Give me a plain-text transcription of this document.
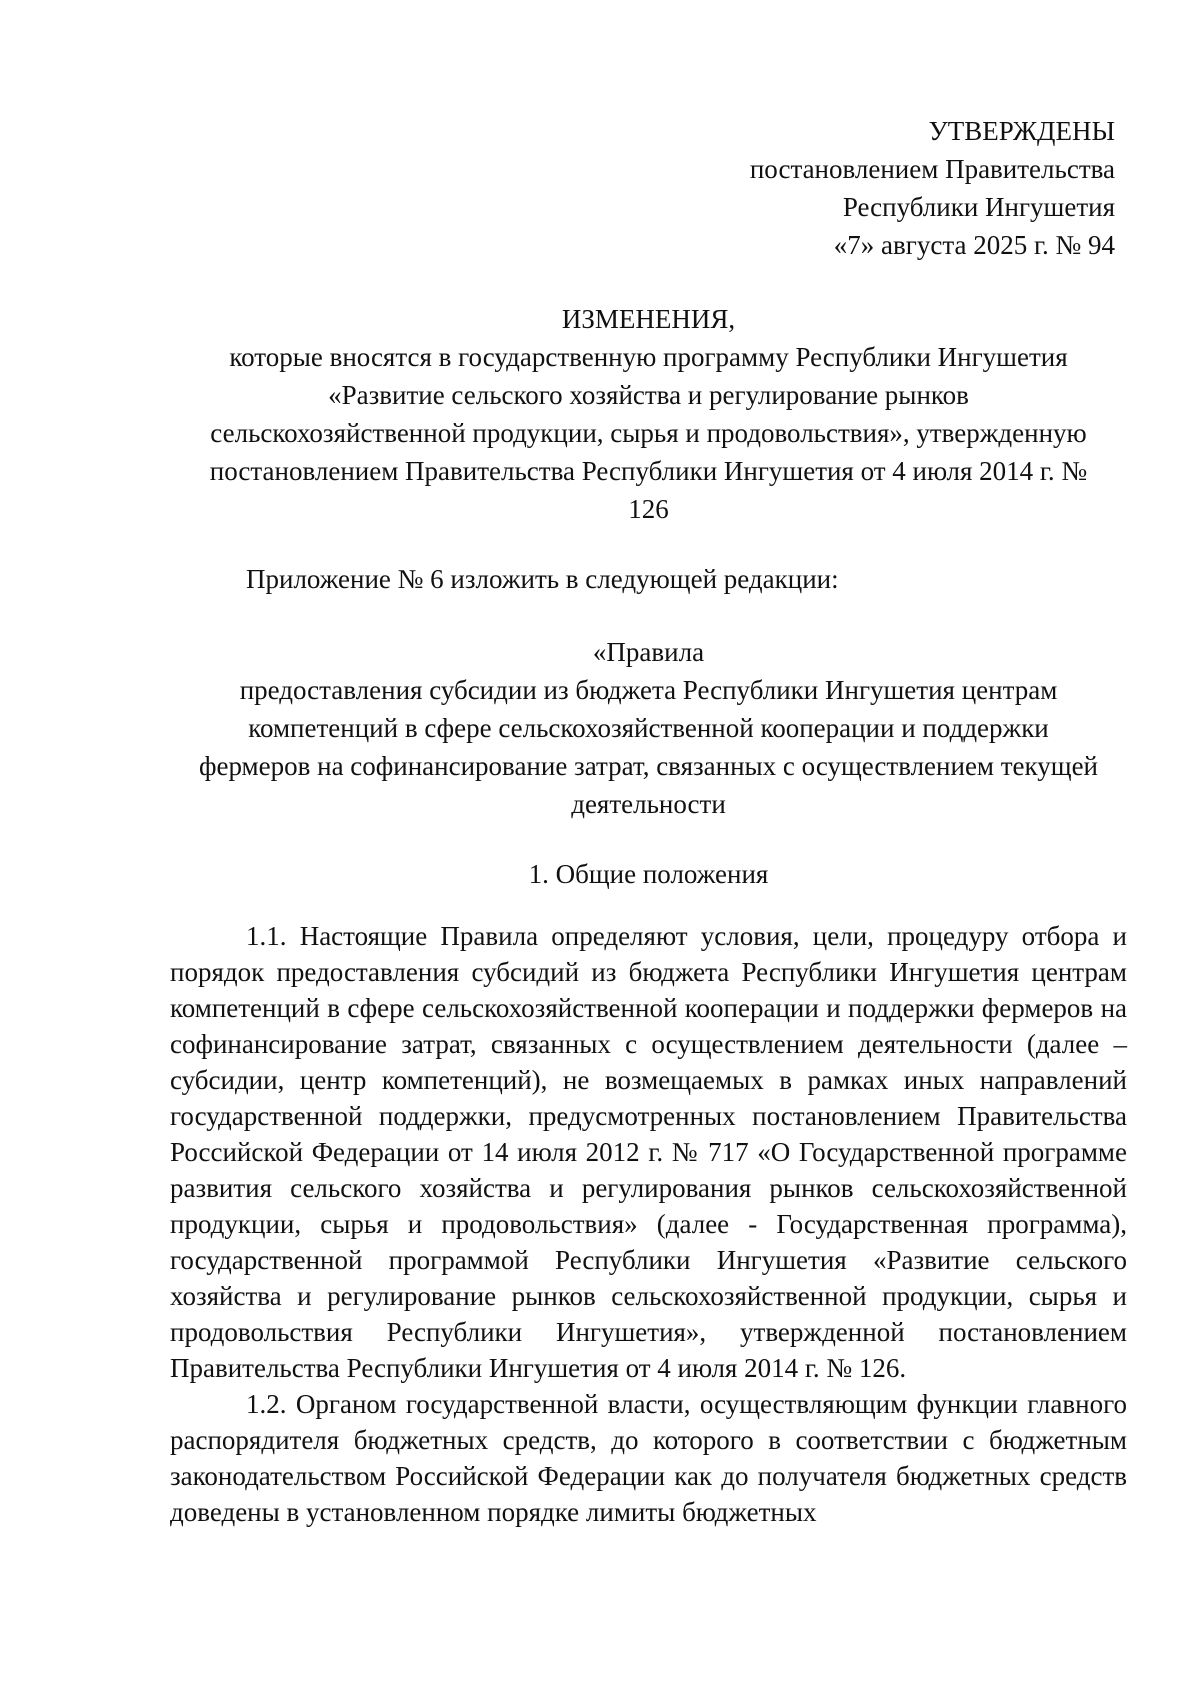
УТВЕРЖДЕНЫ
постановлением Правительства
Республики Ингушетия
«7» августа 2025 г. № 94
ИЗМЕНЕНИЯ,
которые вносятся в государственную программу Республики Ингушетия
«Развитие сельского хозяйства и регулирование рынков
сельскохозяйственной продукции, сырья и продовольствия», утвержденную
постановлением Правительства Республики Ингушетия от 4 июля 2014 г. №
126
Приложение № 6 изложить в следующей редакции:
«Правила
предоставления субсидии из бюджета Республики Ингушетия центрам
компетенций в сфере сельскохозяйственной кооперации и поддержки
фермеров на софинансирование затрат, связанных с осуществлением текущей
деятельности
1. Общие положения

1.1. Настоящие Правила определяют условия, цели, процедуру отбора и порядок предоставления субсидий из бюджета Республики Ингушетия центрам компетенций в сфере сельскохозяйственной кооперации и поддержки фермеров на софинансирование затрат, связанных с осуществлением деятельности (далее – субсидии, центр компетенций), не возмещаемых в рамках иных направлений государственной поддержки, предусмотренных постановлением Правительства Российской Федерации от 14 июля 2012 г. № 717 «О Государственной программе развития сельского хозяйства и регулирования рынков сельскохозяйственной продукции, сырья и продовольствия» (далее - Государственная программа), государственной программой Республики Ингушетия «Развитие сельского хозяйства и регулирование рынков сельскохозяйственной продукции, сырья и продовольствия Республики Ингушетия», утвержденной постановлением Правительства Республики Ингушетия от 4 июля 2014 г. № 126.

1.2. Органом государственной власти, осуществляющим функции главного распорядителя бюджетных средств, до которого в соответствии с бюджетным законодательством Российской Федерации как до получателя бюджетных средств доведены в установленном порядке лимиты бюджетных
